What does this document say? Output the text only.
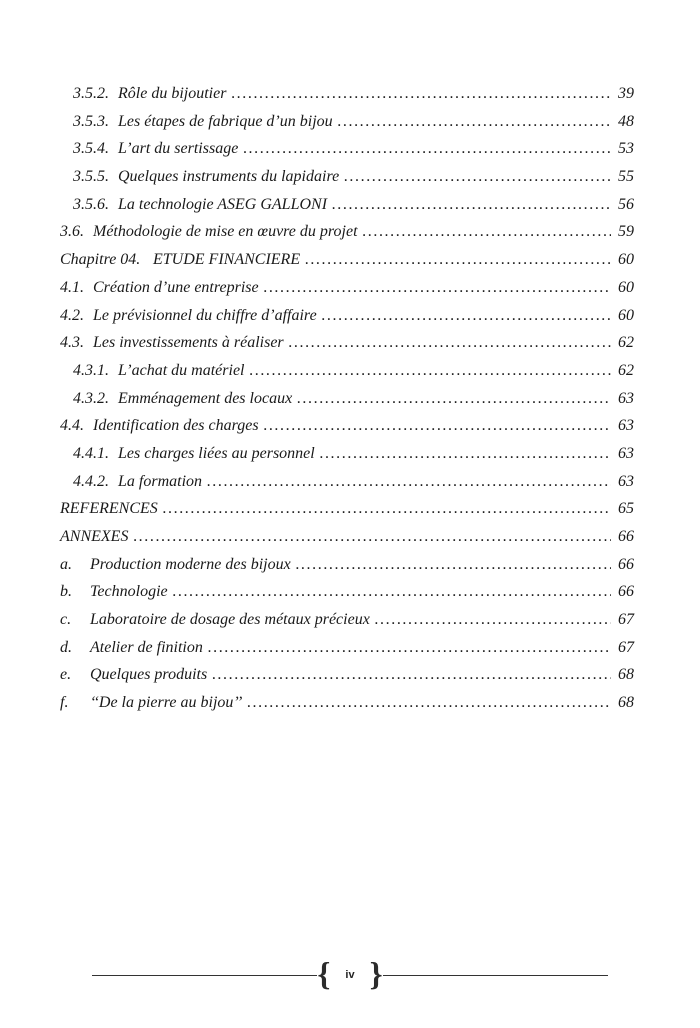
3.5.2. Rôle du bijoutier .....	39
3.5.3. Les étapes de fabrique d’un bijou .....	48
3.5.4. L’art du sertissage .....	53
3.5.5. Quelques instruments du lapidaire .....	55
3.5.6. La technologie ASEG GALLONI .....	56
3.6. Méthodologie de mise en œuvre du projet .....	59
Chapitre 04. ETUDE FINANCIERE .....	60
4.1. Création d’une entreprise .....	60
4.2. Le prévisionnel du chiffre d’affaire .....	60
4.3. Les investissements à réaliser .....	62
4.3.1. L’achat du matériel .....	62
4.3.2. Emménagement des locaux .....	63
4.4. Identification des charges .....	63
4.4.1. Les charges liées au personnel .....	63
4.4.2. La formation .....	63
REFERENCES .....	65
ANNEXES .....	66
a.	Production moderne des bijoux .....	66
b.	Technologie .....	66
c.	Laboratoire de dosage des métaux précieux .....	67
d.	Atelier de finition .....	67
e.	Quelques produits .....	68
f.	‘‘De la pierre au bijou’’ .....	68
{	iv }
